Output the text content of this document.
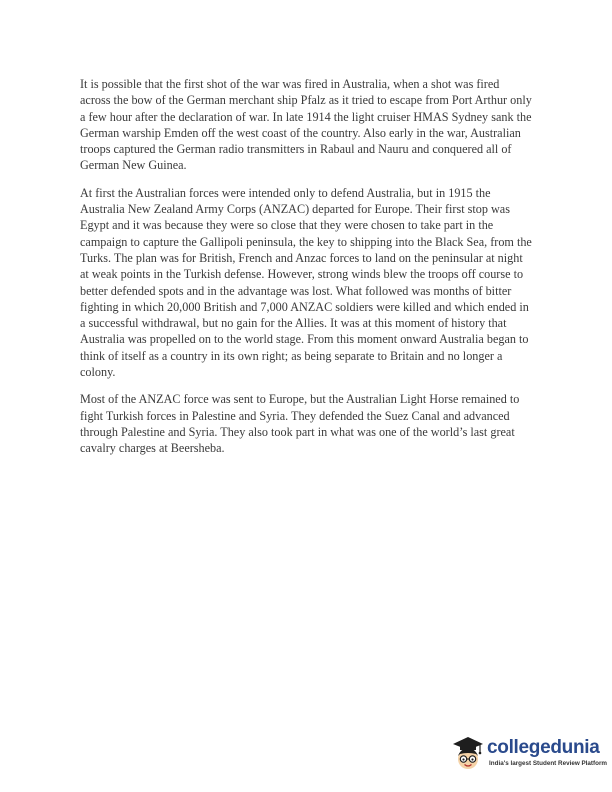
It is possible that the first shot of the war was fired in Australia, when a shot was fired across the bow of the German merchant ship Pfalz as it tried to escape from Port Arthur only a few hour after the declaration of war. In late 1914 the light cruiser HMAS Sydney sank the German warship Emden off the west coast of the country. Also early in the war, Australian troops captured the German radio transmitters in Rabaul and Nauru and conquered all of German New Guinea.

At first the Australian forces were intended only to defend Australia, but in 1915 the Australia New Zealand Army Corps (ANZAC) departed for Europe. Their first stop was Egypt and it was because they were so close that they were chosen to take part in the campaign to capture the Gallipoli peninsula, the key to shipping into the Black Sea, from the Turks. The plan was for British, French and Anzac forces to land on the peninsular at night at weak points in the Turkish defense. However, strong winds blew the troops off course to better defended spots and in the advantage was lost. What followed was months of bitter fighting in which 20,000 British and 7,000 ANZAC soldiers were killed and which ended in a successful withdrawal, but no gain for the Allies. It was at this moment of history that Australia was propelled on to the world stage. From this moment onward Australia began to think of itself as a country in its own right; as being separate to Britain and no longer a colony.

Most of the ANZAC force was sent to Europe, but the Australian Light Horse remained to fight Turkish forces in Palestine and Syria. They defended the Suez Canal and advanced through Palestine and Syria. They also took part in what was one of the world’s last great cavalry charges at Beersheba.

collegedunia
India's largest Student Review Platform
